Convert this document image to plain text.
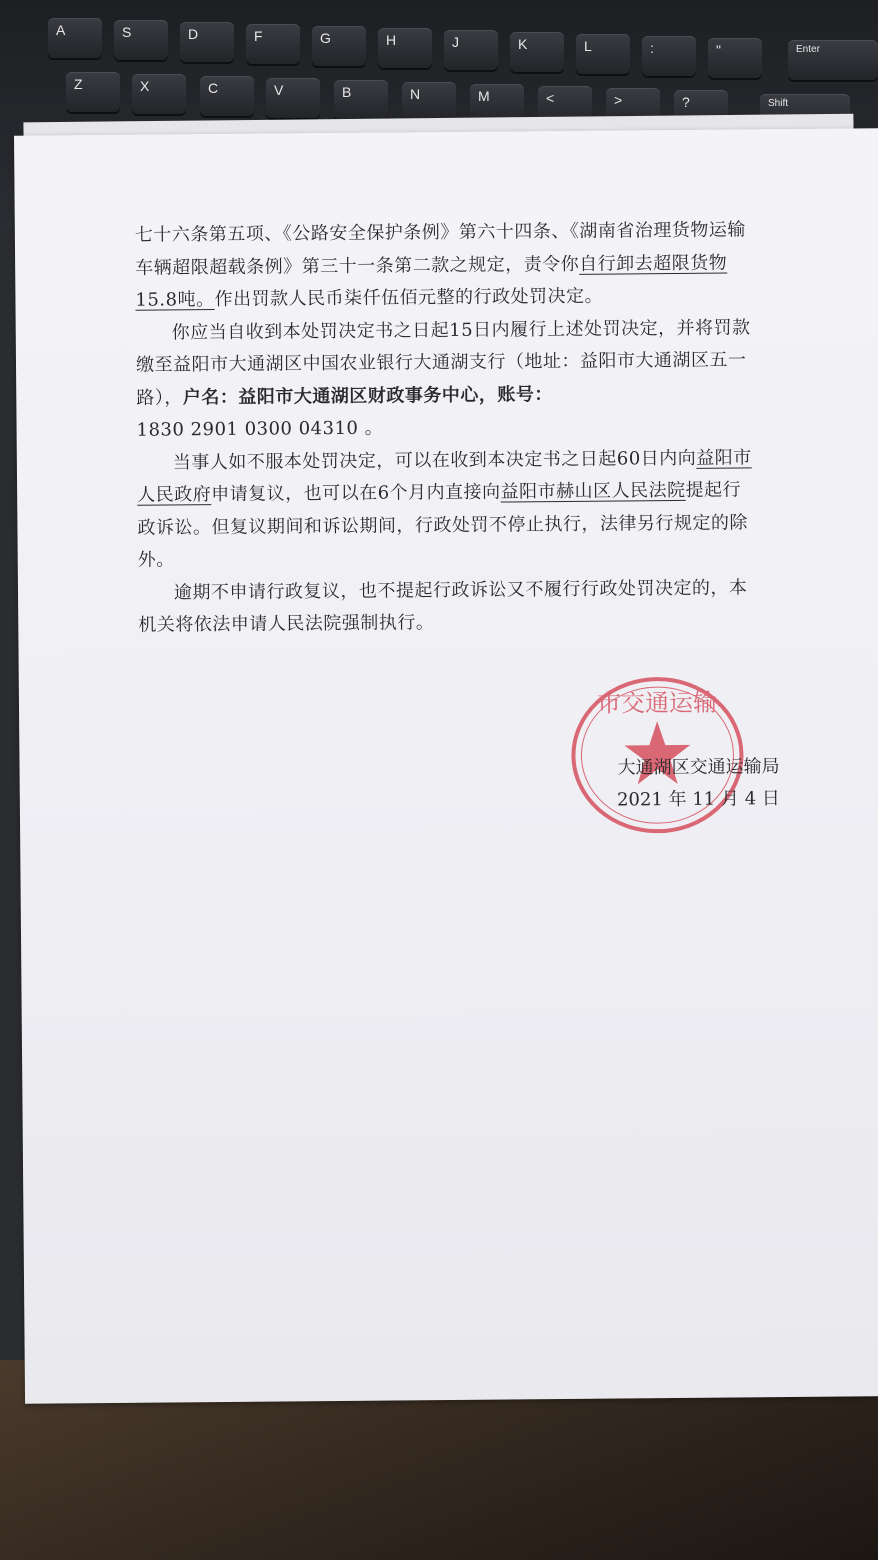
A	S	D	F	G	H	J	K	L	:	"	Enter
Z	X	C	V	B	N	M	<	>	?	Shift

七十六条第五项、《公路安全保护条例》第六十四条、《湖南省治理货物运输车辆超限超载条例》第三十一条第二款之规定，责令你自行卸去超限货物15.8吨。作出罚款人民币柒仟伍佰元整的行政处罚决定。

你应当自收到本处罚决定书之日起15日内履行上述处罚决定，并将罚款缴至益阳市大通湖区中国农业银行大通湖支行（地址：益阳市大通湖区五一路），户名：益阳市大通湖区财政事务中心，账号：
1830 2901 0300 04310 。

当事人如不服本处罚决定，可以在收到本决定书之日起60日内向益阳市人民政府申请复议，也可以在6个月内直接向益阳市赫山区人民法院提起行政诉讼。但复议期间和诉讼期间，行政处罚不停止执行，法律另行规定的除外。

逾期不申请行政复议，也不提起行政诉讼又不履行行政处罚决定的，本机关将依法申请人民法院强制执行。

市交通运输
大通湖区交通运输局
2021 年 11 月 4 日
